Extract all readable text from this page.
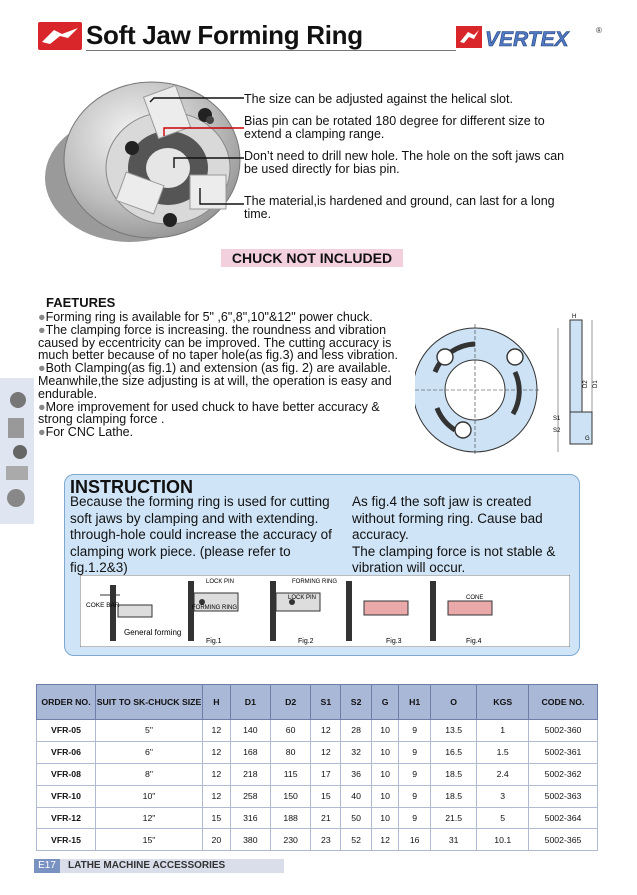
Soft Jaw Forming Ring	VERTEX	®
The size can be adjusted against the helical slot.
Bias pin can be rotated 180 degree for different size to extend a clamping range.
Don’t need to drill new hole. The hole on the soft jaws can be used directly for bias pin.
The material,is hardened and ground, can last for a long time.
CHUCK NOT INCLUDED
FAETURES

●Forming ring is available for 5" ,6",8",10"&12" power chuck.

●The clamping force is increasing. the roundness and vibration caused by eccentricity can be improved. The cutting accuracy is much better because of no taper hole(as fig.3) and less vibration.

●Both Clamping(as fig.1) and extension (as fig. 2) are available. Meanwhile,the size adjusting is at will, the operation is easy and endurable.

●More improvement for used chuck to have better accuracy & strong clamping force .

●For CNC Lathe.

H
D2 D1
S1
S2
G
INSTRUCTION
Because the forming ring is used for cutting soft jaws by clamping and with extending. through-hole could increase the accuracy of clamping work piece. (please refer to fig.1.2&3)
As fig.4 the soft jaw is created without forming ring. Cause bad accuracy.
The clamping force is not stable & vibration will occur.
COKE BAR
General forming
LOCK PIN
FORMING RING
Fig.1
FORMING RING
LOCK PIN
Fig.2	Fig.3
CONE
Fig.4
ORDER NO.	SUIT TO SK-CHUCK SIZE	H	D1	D2	S1	S2	G	H1	O	KGS	CODE NO.
VFR-05	5"	12	140	60	12	28	10	9	13.5	1	5002-360
VFR-06	6"	12	168	80	12	32	10	9	16.5	1.5	5002-361
VFR-08	8"	12	218	115	17	36	10	9	18.5	2.4	5002-362
VFR-10	10"	12	258	150	15	40	10	9	18.5	3	5002-363
VFR-12	12"	15	316	188	21	50	10	9	21.5	5	5002-364
VFR-15	15"	20	380	230	23	52	12	16	31	10.1	5002-365
E17	LATHE MACHINE ACCESSORIES
